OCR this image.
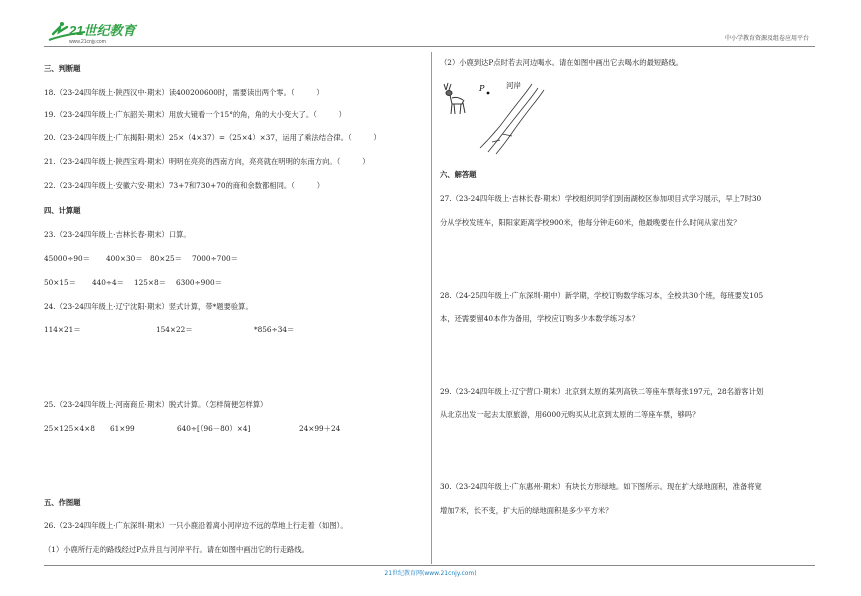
21世纪教育
www.21cnjy.com	中小学教育资源及组卷应用平台
三、判断题
18.（23-24四年级上·陕西汉中·期末）读400200600时，需要读出两个零。（　　　）
19.（23-24四年级上·广东韶关·期末）用放大镜看一个15°的角，角的大小变大了。（　　　）
20.（23-24四年级上·广东揭阳·期末）25×（4×37）=（25×4）×37，运用了乘法结合律。（　　　）
21.（23-24四年级上·陕西宝鸡·期末）明明在亮亮的西南方向，亮亮就在明明的东南方向。（　　　）
22.（23-24四年级上·安徽六安·期末）73+7和730+70的商和余数都相同。（　　　）
四、计算题
23.（23-24四年级上·吉林长春·期末）口算。
45000÷90＝ 400×30＝ 80×25＝ 7000÷700＝
50×15＝ 440÷4＝ 125×8＝ 6300÷900＝
24.（23-24四年级上·辽宁沈阳·期末）竖式计算，带*题要验算。
114×21＝	154×22＝	*856÷34＝
25.（23-24四年级上·河南商丘·期末）脱式计算。（怎样简便怎样算）
25×125×4×8 61×99	640÷[（96－80）×4]	24×99＋24
五、作图题
26.（23-24四年级上·广东深圳·期末）一只小鹿沿着离小河岸边不远的草地上行走着（如图）。
（1）小鹿所行走的路线经过P点并且与河岸平行。请在如图中画出它的行走路线。
（2）小鹿到达P点时若去河边喝水。请在如图中画出它去喝水的最短路线。
P	河岸
六、解答题
27.（23-24四年级上·吉林长春·期末）学校组织同学们到南湖校区参加项目式学习展示，早上7时30
分从学校发班车，阳阳家距离学校900米，他每分钟走60米，他最晚要在什么时间从家出发？
28.（24-25四年级上·广东深圳·期中）新学期，学校订购数学练习本，全校共30个班，每班要发105
本，还需要留40本作为备用，学校应订购多少本数学练习本？
29.（23-24四年级上·辽宁营口·期末）北京到太原的某列高铁二等座车票每张197元，28名游客计划
从北京出发一起去太原旅游，用6000元购买从北京到太原的二等座车票，够吗？
30.（23-24四年级上·广东惠州·期末）有块长方形绿地。如下图所示。现在扩大绿地面积，准备将宽
增加7米，长不变，扩大后的绿地面积是多少平方米？
21世纪教育网(www.21cnjy.com)
